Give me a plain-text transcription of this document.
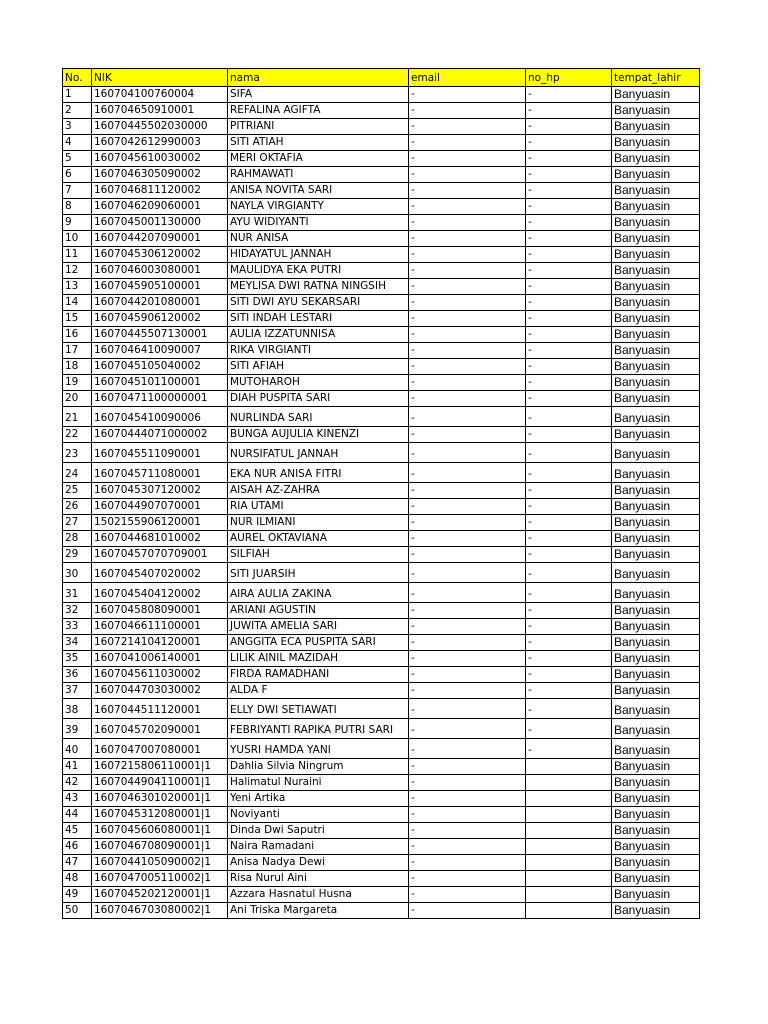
No.	NIK	nama	email	no_hp	tempat_lahir
1	160704100760004	SIFA	-	-	Banyuasin
2	160704650910001	REFALINA AGIFTA	-	-	Banyuasin
3	16070445502030000	PITRIANI	-	-	Banyuasin
4	1607042612990003	SITI ATIAH	-	-	Banyuasin
5	1607045610030002	MERI OKTAFIA	-	-	Banyuasin
6	1607046305090002	RAHMAWATI	-	-	Banyuasin
7	1607046811120002	ANISA NOVITA SARI	-	-	Banyuasin
8	1607046209060001	NAYLA VIRGIANTY	-	-	Banyuasin
9	1607045001130000	AYU WIDIYANTI	-	-	Banyuasin
10	1607044207090001	NUR ANISA	-	-	Banyuasin
11	1607045306120002	HIDAYATUL JANNAH	-	-	Banyuasin
12	1607046003080001	MAULIDYA EKA PUTRI	-	-	Banyuasin
13	1607045905100001	MEYLISA DWI RATNA NINGSIH	-	-	Banyuasin
14	1607044201080001	SITI DWI AYU SEKARSARI	-	-	Banyuasin
15	1607045906120002	SITI INDAH LESTARI	-	-	Banyuasin
16	16070445507130001	AULIA IZZATUNNISA	-	-	Banyuasin
17	1607046410090007	RIKA VIRGIANTI	-	-	Banyuasin
18	1607045105040002	SITI AFIAH	-	-	Banyuasin
19	1607045101100001	MUTOHAROH	-	-	Banyuasin
20	16070471100000001	DIAH PUSPITA SARI	-	-	Banyuasin
21	1607045410090006	NURLINDA SARI	-	-	Banyuasin
22	16070444071000002	BUNGA AUJULIA KINENZI	-	-	Banyuasin
23	1607045511090001	NURSIFATUL JANNAH	-	-	Banyuasin
24	1607045711080001	EKA NUR ANISA FITRI	-	-	Banyuasin
25	1607045307120002	AISAH AZ-ZAHRA	-	-	Banyuasin
26	1607044907070001	RIA UTAMI	-	-	Banyuasin
27	1502155906120001	NUR ILMIANI	-	-	Banyuasin
28	1607044681010002	AUREL OKTAVIANA	-	-	Banyuasin
29	16070457070709001	SILFIAH	-	-	Banyuasin
30	1607045407020002	SITI JUARSIH	-	-	Banyuasin
31	1607045404120002	AIRA AULIA ZAKINA	-	-	Banyuasin
32	1607045808090001	ARIANI AGUSTIN	-	-	Banyuasin
33	1607046611100001	JUWITA AMELIA SARI	-	-	Banyuasin
34	1607214104120001	ANGGITA ECA PUSPITA SARI	-	-	Banyuasin
35	1607041006140001	LILIK AINIL MAZIDAH	-	-	Banyuasin
36	1607045611030002	FIRDA RAMADHANI	-	-	Banyuasin
37	1607044703030002	ALDA F	-	-	Banyuasin
38	1607044511120001	ELLY DWI SETIAWATI	-	-	Banyuasin
39	1607045702090001	FEBRIYANTI RAPIKA PUTRI SARI	-	-	Banyuasin
40	1607047007080001	YUSRI HAMDA YANI	-	-	Banyuasin
41	1607215806110001|1	Dahlia Silvia Ningrum	-		Banyuasin
42	1607044904110001|1	Halimatul Nuraini	-		Banyuasin
43	1607046301020001|1	Yeni Artika	-		Banyuasin
44	1607045312080001|1	Noviyanti	-		Banyuasin
45	1607045606080001|1	Dinda Dwi Saputri	-		Banyuasin
46	1607046708090001|1	Naira Ramadani	-		Banyuasin
47	1607044105090002|1	Anisa Nadya Dewi	-		Banyuasin
48	1607047005110002|1	Risa Nurul Aini	-		Banyuasin
49	1607045202120001|1	Azzara Hasnatul Husna	-		Banyuasin
50	1607046703080002|1	Ani Triska Margareta	-		Banyuasin
